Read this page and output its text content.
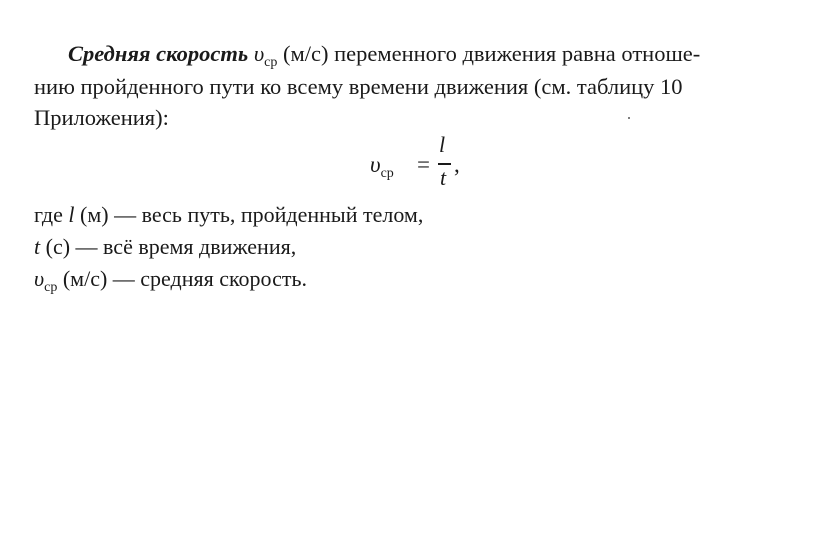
Средняя скорость $\upsilon_{ср}$ (м/с) переменного движения равна отноше-
нию пройденного пути ко всему времени движения (см. таблицу 10
Приложения):
$\upsilon_{ср}$ =
l
t
,
где l (м) — весь путь, пройденный телом,
t (с) — всё время движения,
$\upsilon_{ср}$ (м/с) — средняя скорость.
